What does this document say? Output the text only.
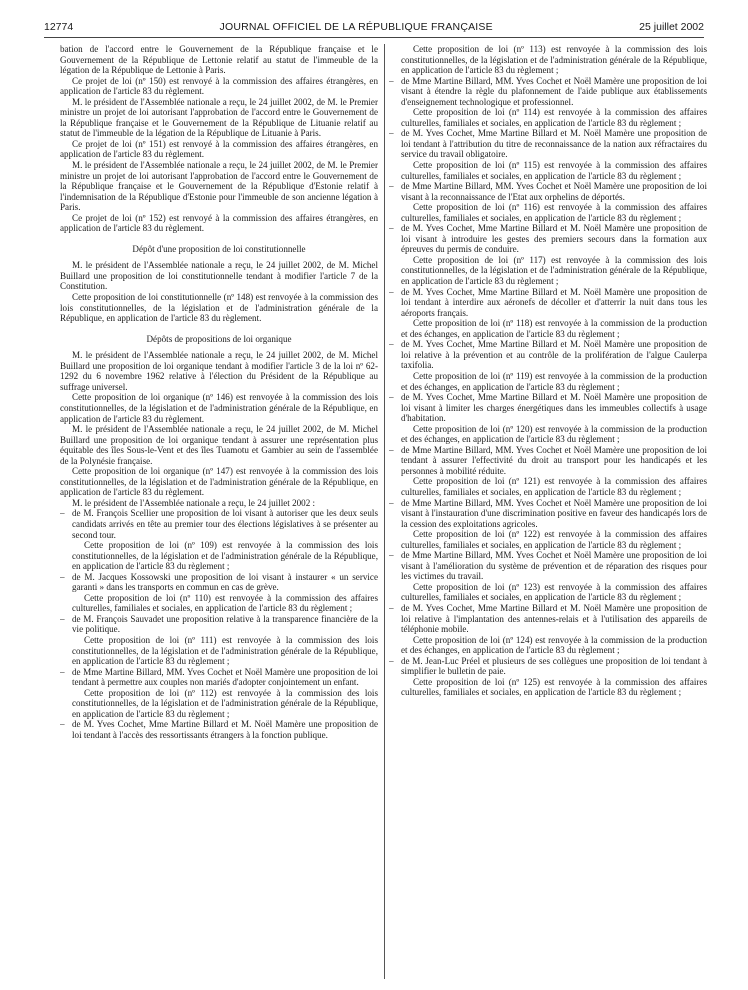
12774	JOURNAL OFFICIEL DE LA RÉPUBLIQUE FRANÇAISE	25 juillet 2002

bation de l'accord entre le Gouvernement de la République française et le Gouvernement de la République de Lettonie relatif au statut de l'immeuble de la légation de la République de Lettonie à Paris.

Ce projet de loi (nº 150) est renvoyé à la commission des affaires étrangères, en application de l'article 83 du règlement.

M. le président de l'Assemblée nationale a reçu, le 24 juillet 2002, de M. le Premier ministre un projet de loi autorisant l'approbation de l'accord entre le Gouvernement de la République française et le Gouvernement de la République de Lituanie relatif au statut de l'immeuble de la légation de la République de Lituanie à Paris.

Ce projet de loi (nº 151) est renvoyé à la commission des affaires étrangères, en application de l'article 83 du règlement.

M. le président de l'Assemblée nationale a reçu, le 24 juillet 2002, de M. le Premier ministre un projet de loi autorisant l'approbation de l'accord entre le Gouvernement de la République française et le Gouvernement de la République d'Estonie relatif à l'indemnisation de la République d'Estonie pour l'immeuble de son ancienne légation à Paris.

Ce projet de loi (nº 152) est renvoyé à la commission des affaires étrangères, en application de l'article 83 du règlement.

Dépôt d'une proposition de loi constitutionnelle

M. le président de l'Assemblée nationale a reçu, le 24 juillet 2002, de M. Michel Buillard une proposition de loi constitutionnelle tendant à modifier l'article 7 de la Constitution.

Cette proposition de loi constitutionnelle (nº 148) est renvoyée à la commission des lois constitutionnelles, de la législation et de l'administration générale de la République, en application de l'article 83 du règlement.

Dépôts de propositions de loi organique

M. le président de l'Assemblée nationale a reçu, le 24 juillet 2002, de M. Michel Buillard une proposition de loi organique tendant à modifier l'article 3 de la loi nº 62-1292 du 6 novembre 1962 relative à l'élection du Président de la République au suffrage universel.

Cette proposition de loi organique (nº 146) est renvoyée à la commission des lois constitutionnelles, de la législation et de l'administration générale de la République, en application de l'article 83 du règlement.

M. le président de l'Assemblée nationale a reçu, le 24 juillet 2002, de M. Michel Buillard une proposition de loi organique tendant à assurer une représentation plus équitable des îles Sous-le-Vent et des îles Tuamotu et Gambier au sein de l'assemblée de la Polynésie française.

Cette proposition de loi organique (nº 147) est renvoyée à la commission des lois constitutionnelles, de la législation et de l'administration générale de la République, en application de l'article 83 du règlement.

M. le président de l'Assemblée nationale a reçu, le 24 juillet 2002 :

– de M. François Scellier une proposition de loi visant à autoriser que les deux seuls candidats arrivés en tête au premier tour des élections législatives à se présenter au second tour.

Cette proposition de loi (nº 109) est renvoyée à la commission des lois constitutionnelles, de la législation et de l'administration générale de la République, en application de l'article 83 du règlement ;

– de M. Jacques Kossowski une proposition de loi visant à instaurer « un service garanti » dans les transports en commun en cas de grève.

Cette proposition de loi (nº 110) est renvoyée à la commission des affaires culturelles, familiales et sociales, en application de l'article 83 du règlement ;

– de M. François Sauvadet une proposition relative à la transparence financière de la vie politique.

Cette proposition de loi (nº 111) est renvoyée à la commission des lois constitutionnelles, de la législation et de l'administration générale de la République, en application de l'article 83 du règlement ;

– de Mme Martine Billard, MM. Yves Cochet et Noël Mamère une proposition de loi tendant à permettre aux couples non mariés d'adopter conjointement un enfant.

Cette proposition de loi (nº 112) est renvoyée à la commission des lois constitutionnelles, de la législation et de l'administration générale de la République, en application de l'article 83 du règlement ;

– de M. Yves Cochet, Mme Martine Billard et M. Noël Mamère une proposition de loi tendant à l'accès des ressortissants étrangers à la fonction publique.

Cette proposition de loi (nº 113) est renvoyée à la commission des lois constitutionnelles, de la législation et de l'administration générale de la République, en application de l'article 83 du règlement ;

– de Mme Martine Billard, MM. Yves Cochet et Noël Mamère une proposition de loi visant à étendre la règle du plafonnement de l'aide publique aux établissements d'enseignement technologique et professionnel.

Cette proposition de loi (nº 114) est renvoyée à la commission des affaires culturelles, familiales et sociales, en application de l'article 83 du règlement ;

– de M. Yves Cochet, Mme Martine Billard et M. Noël Mamère une proposition de loi tendant à l'attribution du titre de reconnaissance de la nation aux réfractaires du service du travail obligatoire.

Cette proposition de loi (nº 115) est renvoyée à la commission des affaires culturelles, familiales et sociales, en application de l'article 83 du règlement ;

– de Mme Martine Billard, MM. Yves Cochet et Noël Mamère une proposition de loi visant à la reconnaissance de l'Etat aux orphelins de déportés.

Cette proposition de loi (nº 116) est renvoyée à la commission des affaires culturelles, familiales et sociales, en application de l'article 83 du règlement ;

– de M. Yves Cochet, Mme Martine Billard et M. Noël Mamère une proposition de loi visant à introduire les gestes des premiers secours dans la formation aux épreuves du permis de conduire.

Cette proposition de loi (nº 117) est renvoyée à la commission des lois constitutionnelles, de la législation et de l'administration générale de la République, en application de l'article 83 du règlement ;

– de M. Yves Cochet, Mme Martine Billard et M. Noël Mamère une proposition de loi tendant à interdire aux aéronefs de décoller et d'atterrir la nuit dans tous les aéroports français.

Cette proposition de loi (nº 118) est renvoyée à la commission de la production et des échanges, en application de l'article 83 du règlement ;

– de M. Yves Cochet, Mme Martine Billard et M. Noël Mamère une proposition de loi relative à la prévention et au contrôle de la prolifération de l'algue Caulerpa taxifolia.

Cette proposition de loi (nº 119) est renvoyée à la commission de la production et des échanges, en application de l'article 83 du règlement ;

– de M. Yves Cochet, Mme Martine Billard et M. Noël Mamère une proposition de loi visant à limiter les charges énergétiques dans les immeubles collectifs à usage d'habitation.

Cette proposition de loi (nº 120) est renvoyée à la commission de la production et des échanges, en application de l'article 83 du règlement ;

– de Mme Martine Billard, MM. Yves Cochet et Noël Mamère une proposition de loi tendant à assurer l'effectivité du droit au transport pour les handicapés et les personnes à mobilité réduite.

Cette proposition de loi (nº 121) est renvoyée à la commission des affaires culturelles, familiales et sociales, en application de l'article 83 du règlement ;

– de Mme Martine Billard, MM. Yves Cochet et Noël Mamère une proposition de loi visant à l'instauration d'une discrimination positive en faveur des handicapés lors de la cession des exploitations agricoles.

Cette proposition de loi (nº 122) est renvoyée à la commission des affaires culturelles, familiales et sociales, en application de l'article 83 du règlement ;

– de Mme Martine Billard, MM. Yves Cochet et Noël Mamère une proposition de loi visant à l'amélioration du système de prévention et de réparation des risques pour les victimes du travail.

Cette proposition de loi (nº 123) est renvoyée à la commission des affaires culturelles, familiales et sociales, en application de l'article 83 du règlement ;

– de M. Yves Cochet, Mme Martine Billard et M. Noël Mamère une proposition de loi relative à l'implantation des antennes-relais et à l'utilisation des appareils de téléphonie mobile.

Cette proposition de loi (nº 124) est renvoyée à la commission de la production et des échanges, en application de l'article 83 du règlement ;

– de M. Jean-Luc Préel et plusieurs de ses collègues une proposition de loi tendant à simplifier le bulletin de paie.

Cette proposition de loi (nº 125) est renvoyée à la commission des affaires culturelles, familiales et sociales, en application de l'article 83 du règlement ;
